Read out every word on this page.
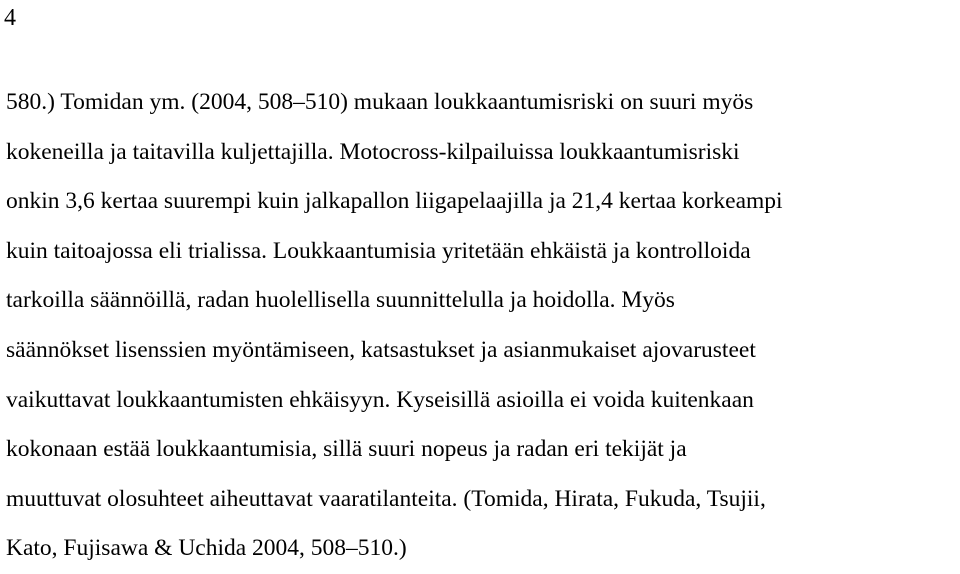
4

580.) Tomidan ym. (2004, 508–510) mukaan loukkaantumisriski on suuri myös
kokeneilla ja taitavilla kuljettajilla. Motocross-kilpailuissa loukkaantumisriski
onkin 3,6 kertaa suurempi kuin jalkapallon liigapelaajilla ja 21,4 kertaa korkeampi
kuin taitoajossa eli trialissa. Loukkaantumisia yritetään ehkäistä ja kontrolloida
tarkoilla säännöillä, radan huolellisella suunnittelulla ja hoidolla. Myös
säännökset lisenssien myöntämiseen, katsastukset ja asianmukaiset ajovarusteet
vaikuttavat loukkaantumisten ehkäisyyn. Kyseisillä asioilla ei voida kuitenkaan
kokonaan estää loukkaantumisia, sillä suuri nopeus ja radan eri tekijät ja
muuttuvat olosuhteet aiheuttavat vaaratilanteita. (Tomida, Hirata, Fukuda, Tsujii,
Kato, Fujisawa & Uchida 2004, 508–510.)
